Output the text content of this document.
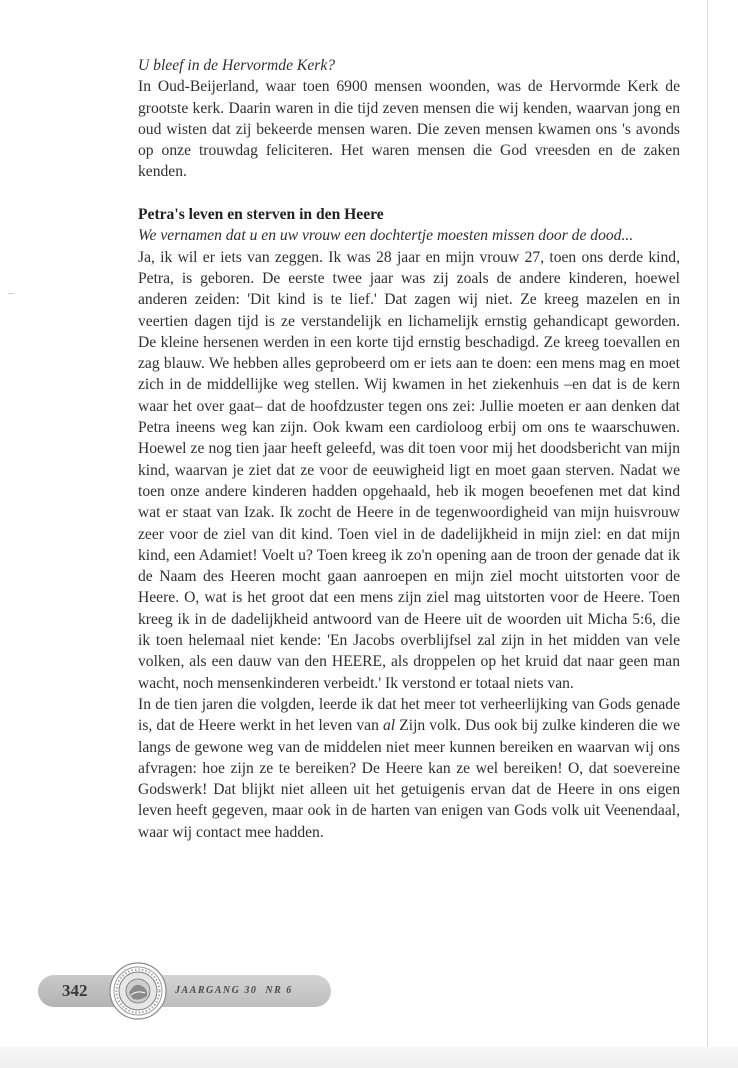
U bleef in de Hervormde Kerk?

In Oud-Beijerland, waar toen 6900 mensen woonden, was de Hervormde Kerk de grootste kerk. Daarin waren in die tijd zeven mensen die wij kenden, waarvan jong en oud wisten dat zij bekeerde mensen waren. Die zeven mensen kwamen ons 's avonds op onze trouwdag feliciteren. Het waren mensen die God vreesden en de zaken kenden.

Petra's leven en sterven in den Heere

We vernamen dat u en uw vrouw een dochtertje moesten missen door de dood...

Ja, ik wil er iets van zeggen. Ik was 28 jaar en mijn vrouw 27, toen ons derde kind, Petra, is geboren. De eerste twee jaar was zij zoals de andere kinderen, hoewel anderen zeiden: 'Dit kind is te lief.' Dat zagen wij niet. Ze kreeg mazelen en in veertien dagen tijd is ze verstandelijk en lichamelijk ernstig gehandicapt geworden. De kleine hersenen werden in een korte tijd ernstig beschadigd. Ze kreeg toevallen en zag blauw. We hebben alles geprobeerd om er iets aan te doen: een mens mag en moet zich in de middellijke weg stellen. Wij kwamen in het ziekenhuis –en dat is de kern waar het over gaat– dat de hoofdzuster tegen ons zei: Jullie moeten er aan denken dat Petra ineens weg kan zijn. Ook kwam een cardioloog erbij om ons te waarschuwen. Hoewel ze nog tien jaar heeft geleefd, was dit toen voor mij het doodsbericht van mijn kind, waarvan je ziet dat ze voor de eeuwigheid ligt en moet gaan sterven. Nadat we toen onze andere kinderen hadden opgehaald, heb ik mogen beoefenen met dat kind wat er staat van Izak. Ik zocht de Heere in de tegenwoordigheid van mijn huisvrouw zeer voor de ziel van dit kind. Toen viel in de dadelijkheid in mijn ziel: en dat mijn kind, een Adamiet! Voelt u? Toen kreeg ik zo'n opening aan de troon der genade dat ik de Naam des Heeren mocht gaan aanroepen en mijn ziel mocht uitstorten voor de Heere. O, wat is het groot dat een mens zijn ziel mag uitstorten voor de Heere. Toen kreeg ik in de dadelijkheid antwoord van de Heere uit de woorden uit Micha 5:6, die ik toen helemaal niet kende: 'En Jacobs overblijfsel zal zijn in het midden van vele volken, als een dauw van den HEERE, als droppelen op het kruid dat naar geen man wacht, noch mensenkinderen verbeidt.' Ik verstond er totaal niets van.

In de tien jaren die volgden, leerde ik dat het meer tot verheerlijking van Gods genade is, dat de Heere werkt in het leven van al Zijn volk. Dus ook bij zulke kinderen die we langs de gewone weg van de middelen niet meer kunnen bereiken en waarvan wij ons afvragen: hoe zijn ze te bereiken? De Heere kan ze wel bereiken! O, dat soevereine Godswerk! Dat blijkt niet alleen uit het getuigenis ervan dat de Heere in ons eigen leven heeft gegeven, maar ook in de harten van enigen van Gods volk uit Veenendaal, waar wij contact mee hadden.

342	JAARGANG 30 NR 6
